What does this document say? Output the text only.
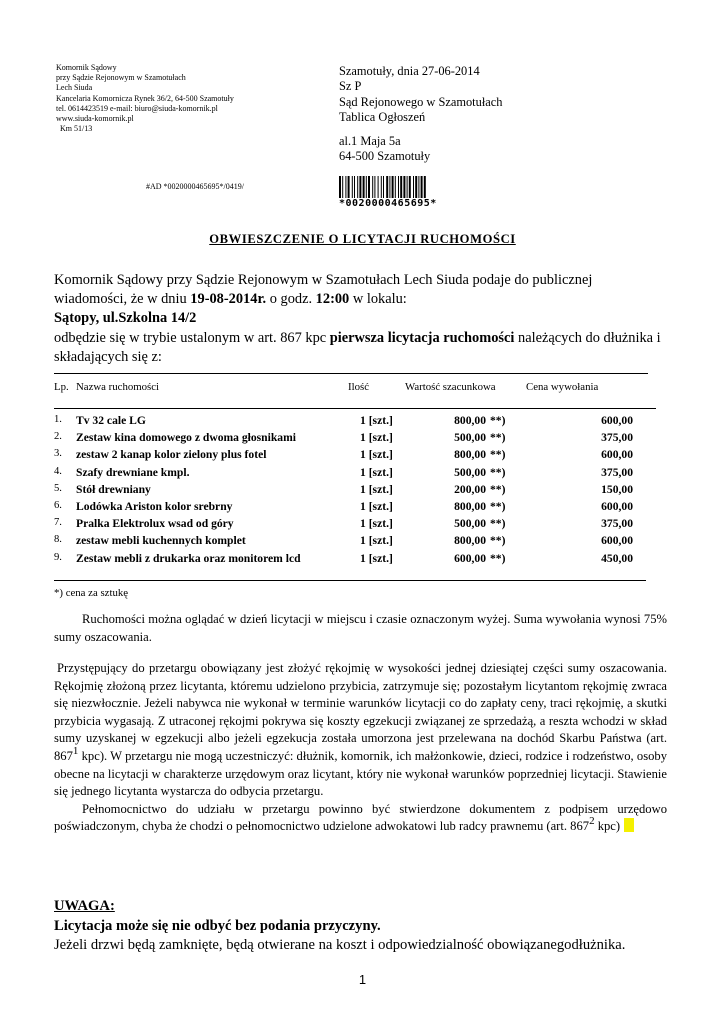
Komornik Sądowy
przy Sądzie Rejonowym w Szamotułach
Lech Siuda
Kancelaria Komornicza Rynek 36/2, 64-500 Szamotuły
tel. 0614423519 e-mail: biuro@siuda-komornik.pl
www.siuda-komornik.pl
Km 51/13
Szamotuły, dnia 27-06-2014
Sz P
Sąd Rejonowego w Szamotułach
Tablica Ogłoszeń
al.1 Maja 5a
64-500 Szamotuły
#AD *0020000465695*/0419/
*0020000465695*
OBWIESZCZENIE O LICYTACJI RUCHOMOŚCI
Komornik Sądowy przy Sądzie Rejonowym w Szamotułach Lech Siuda podaje do publicznej
wiadomości, że w dniu 19-08-2014r. o godz. 12:00 w lokalu:
Sątopy, ul.Szkolna 14/2
odbędzie się w trybie ustalonym w art. 867 kpc pierwsza licytacja ruchomości należących do dłużnika i
składających się z:
Lp. Nazwa ruchomości	Ilość	Wartość szacunkowa	Cena wywołania
1. Tv 32 cale LG	1 [szt.]	800,00 **)	600,00
2. Zestaw kina domowego z dwoma głosnikami	1 [szt.]	500,00 **)	375,00
3. zestaw 2 kanap kolor zielony plus fotel	1 [szt.]	800,00 **)	600,00
4. Szafy drewniane kmpl.	1 [szt.]	500,00 **)	375,00
5. Stół drewniany	1 [szt.]	200,00 **)	150,00
6. Lodówka Ariston kolor srebrny	1 [szt.]	800,00 **)	600,00
7. Pralka Elektrolux wsad od góry	1 [szt.]	500,00 **)	375,00
8. zestaw mebli kuchennych komplet	1 [szt.]	800,00 **)	600,00
9. Zestaw mebli z drukarka oraz monitorem lcd	1 [szt.]	600,00 **)	450,00
*) cena za sztukę

Ruchomości można oglądać w dzień licytacji w miejscu i czasie oznaczonym wyżej. Suma wywołania wynosi 75% sumy oszacowania.

Przystępujący do przetargu obowiązany jest złożyć rękojmię w wysokości jednej dziesiątej części sumy oszacowania. Rękojmię złożoną przez licytanta, któremu udzielono przybicia, zatrzymuje się; pozostałym licytantom rękojmię zwraca się niezwłocznie. Jeżeli nabywca nie wykonał w terminie warunków licytacji co do zapłaty ceny, traci rękojmię, a skutki przybicia wygasają. Z utraconej rękojmi pokrywa się koszty egzekucji związanej ze sprzedażą, a reszta wchodzi w skład sumy uzyskanej w egzekucji albo jeżeli egzekucja została umorzona jest przelewana na dochód Skarbu Państwa (art. 8671 kpc). W przetargu nie mogą uczestniczyć: dłużnik, komornik, ich małżonkowie, dzieci, rodzice i rodzeństwo, osoby obecne na licytacji w charakterze urzędowym oraz licytant, który nie wykonał warunków poprzedniej licytacji. Stawienie się jednego licytanta wystarcza do odbycia przetargu.

Pełnomocnictwo do udziału w przetargu powinno być stwierdzone dokumentem z podpisem urzędowo poświadczonym, chyba że chodzi o pełnomocnictwo udzielone adwokatowi lub radcy prawnemu (art. 8672 kpc)

UWAGA:
Licytacja może się nie odbyć bez podania przyczyny.
Jeżeli drzwi będą zamknięte, będą otwierane na koszt i odpowiedzialność obowiązanegodłużnika.
1
